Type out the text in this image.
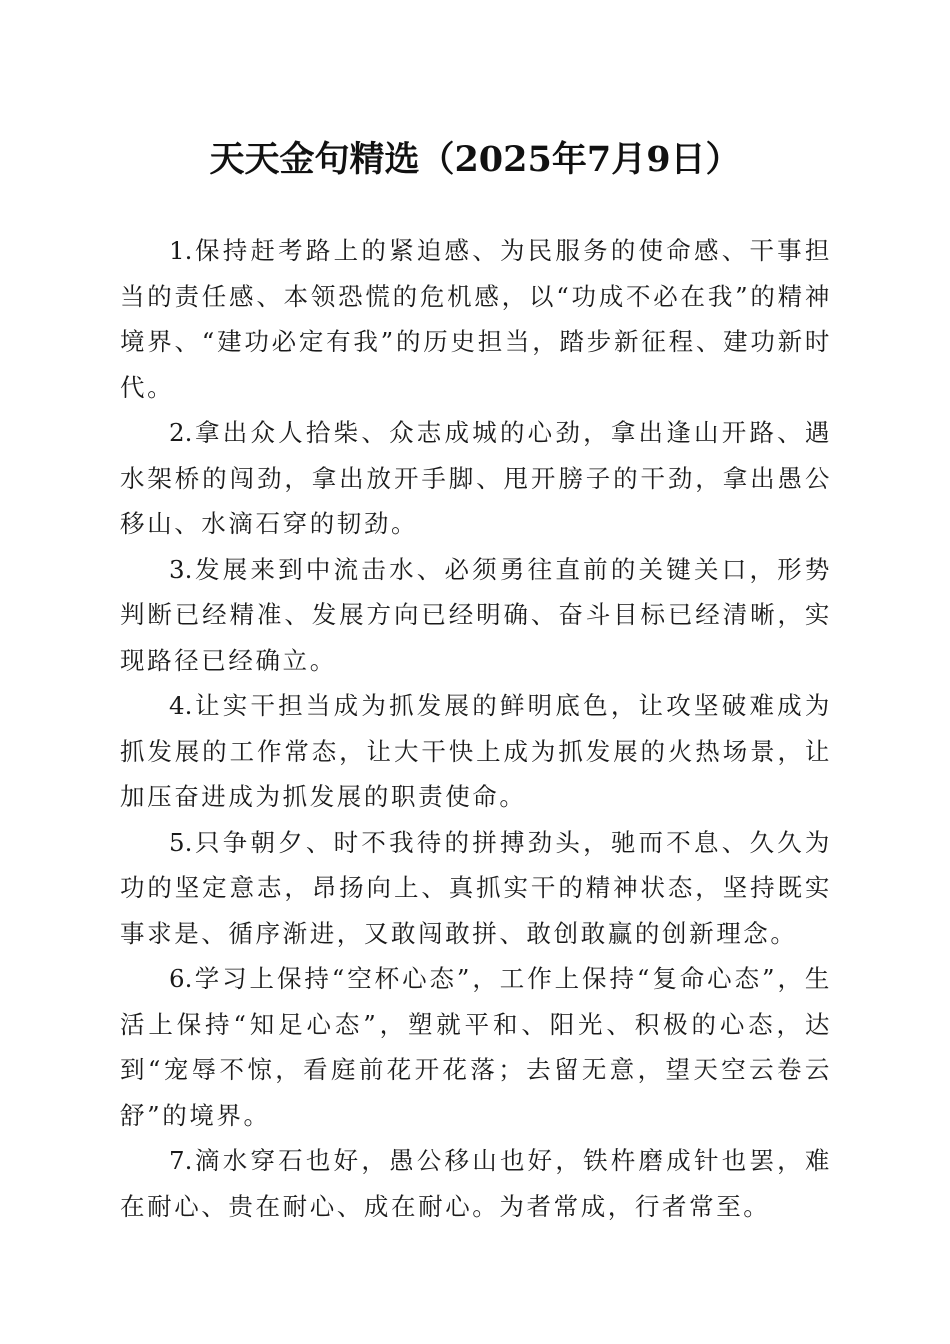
天天金句精选（2025年7月9日）

1.保持赶考路上的紧迫感、为民服务的使命感、干事担当的责任感、本领恐慌的危机感，以“功成不必在我”的精神境界、“建功必定有我”的历史担当，踏步新征程、建功新时代。

2.拿出众人拾柴、众志成城的心劲，拿出逢山开路、遇水架桥的闯劲，拿出放开手脚、甩开膀子的干劲，拿出愚公移山、水滴石穿的韧劲。

3.发展来到中流击水、必须勇往直前的关键关口，形势判断已经精准、发展方向已经明确、奋斗目标已经清晰，实现路径已经确立。

4.让实干担当成为抓发展的鲜明底色，让攻坚破难成为抓发展的工作常态，让大干快上成为抓发展的火热场景，让加压奋进成为抓发展的职责使命。

5.只争朝夕、时不我待的拼搏劲头，驰而不息、久久为功的坚定意志，昂扬向上、真抓实干的精神状态，坚持既实事求是、循序渐进，又敢闯敢拼、敢创敢赢的创新理念。

6.学习上保持“空杯心态”，工作上保持“复命心态”，生活上保持“知足心态”，塑就平和、阳光、积极的心态，达到“宠辱不惊，看庭前花开花落；去留无意，望天空云卷云舒”的境界。

7.滴水穿石也好，愚公移山也好，铁杵磨成针也罢，难在耐心、贵在耐心、成在耐心。为者常成，行者常至。
